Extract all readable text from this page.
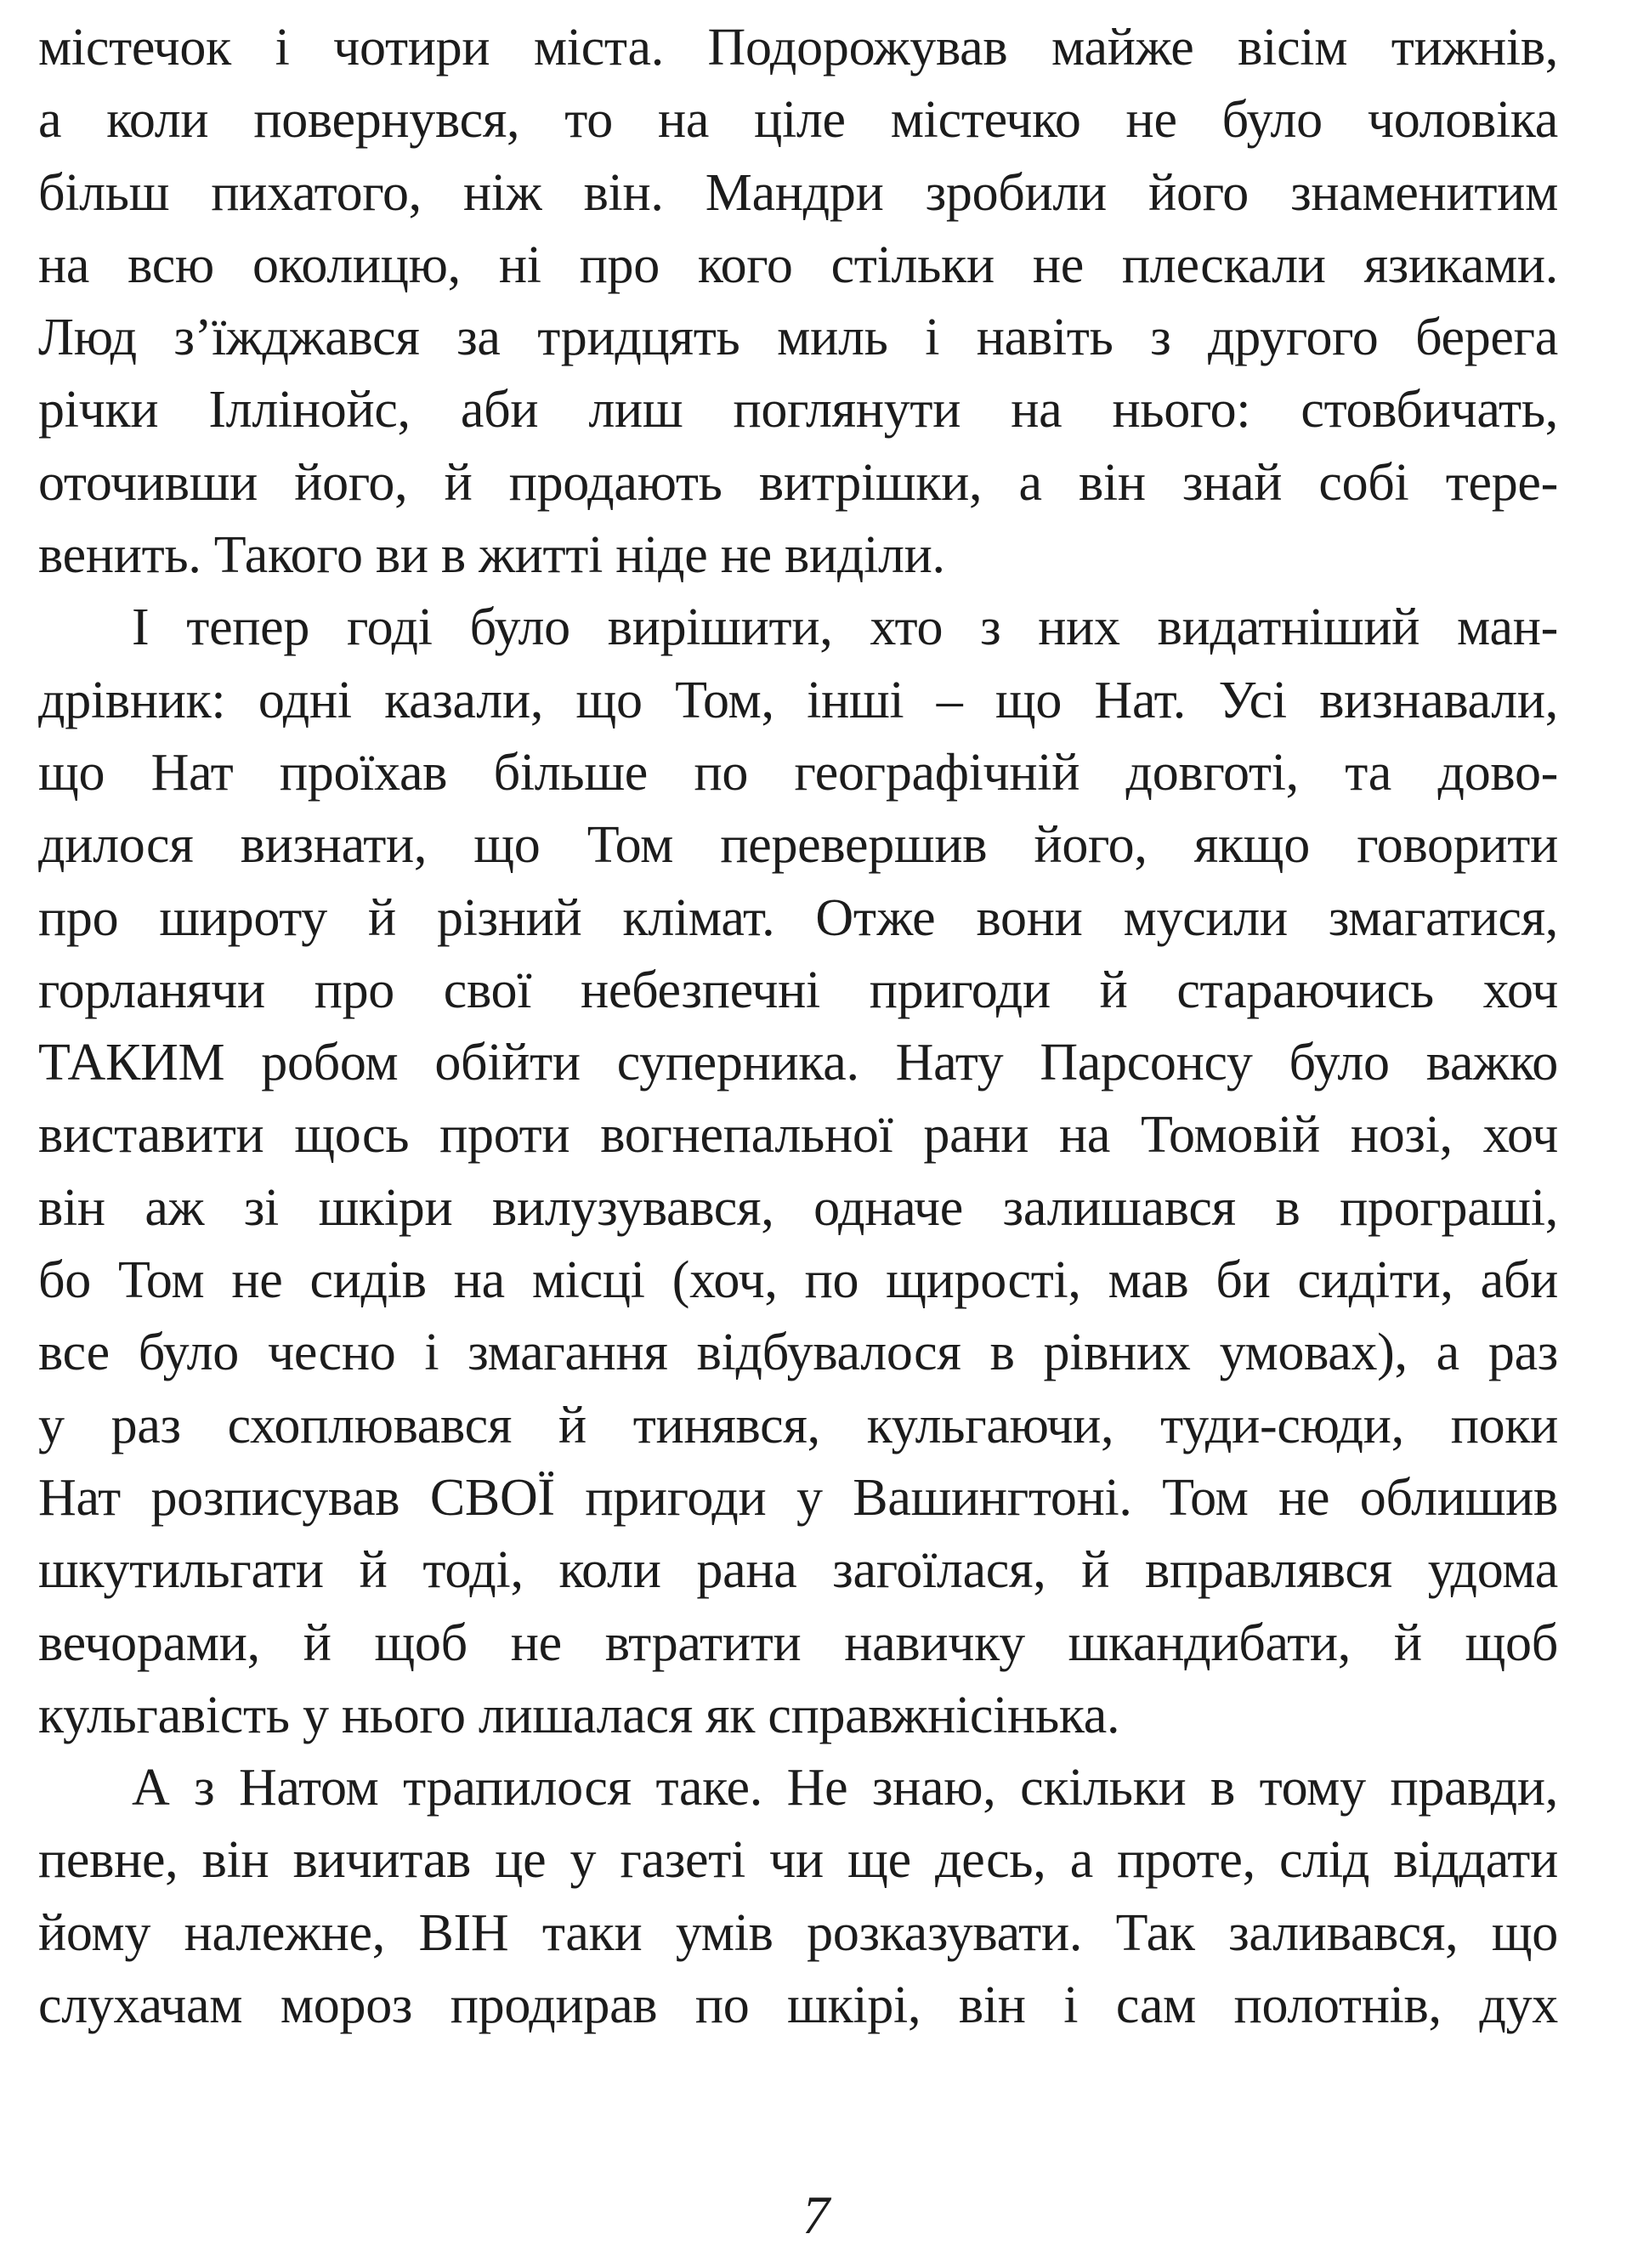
містечок і чотири міста. Подорожував майже вісім тижнів,
а коли повернувся, то на ціле містечко не було чоловіка
більш пихатого, ніж він. Мандри зробили його знаменитим
на всю околицю, ні про кого стільки не плескали язиками.
Люд з’їжджався за тридцять миль і навіть з другого берега
річки Іллінойс, аби лиш поглянути на нього: стовбичать,
оточивши його, й продають витрішки, а він знай собі тере-
венить. Такого ви в житті ніде не виділи.
І тепер годі було вирішити, хто з них видатніший ман-
дрівник: одні казали, що Том, інші – що Нат. Усі визнавали,
що Нат проїхав більше по географічній довготі, та дово-
дилося визнати, що Том перевершив його, якщо говорити
про широту й різний клімат. Отже вони мусили змагатися,
горланячи про свої небезпечні пригоди й стараючись хоч
ТАКИМ робом обійти суперника. Нату Парсонсу було важко
виставити щось проти вогнепальної рани на Томовій нозі, хоч
він аж зі шкіри вилузувався, одначе залишався в програші,
бо Том не сидів на місці (хоч, по щирості, мав би сидіти, аби
все було чесно і змагання відбувалося в рівних умовах), а раз
у раз схоплювався й тинявся, кульгаючи, туди-сюди, поки
Нат розписував СВОЇ пригоди у Вашингтоні. Том не облишив
шкутильгати й тоді, коли рана загоїлася, й вправлявся удома
вечорами, й щоб не втратити навичку шкандибати, й щоб
кульгавість у нього лишалася як справжнісінька.
А з Натом трапилося таке. Не знаю, скільки в тому правди,
певне, він вичитав це у газеті чи ще десь, а проте, слід віддати
йому належне, ВІН таки умів розказувати. Так заливався, що
слухачам мороз продирав по шкірі, він і сам полотнів, дух
7
